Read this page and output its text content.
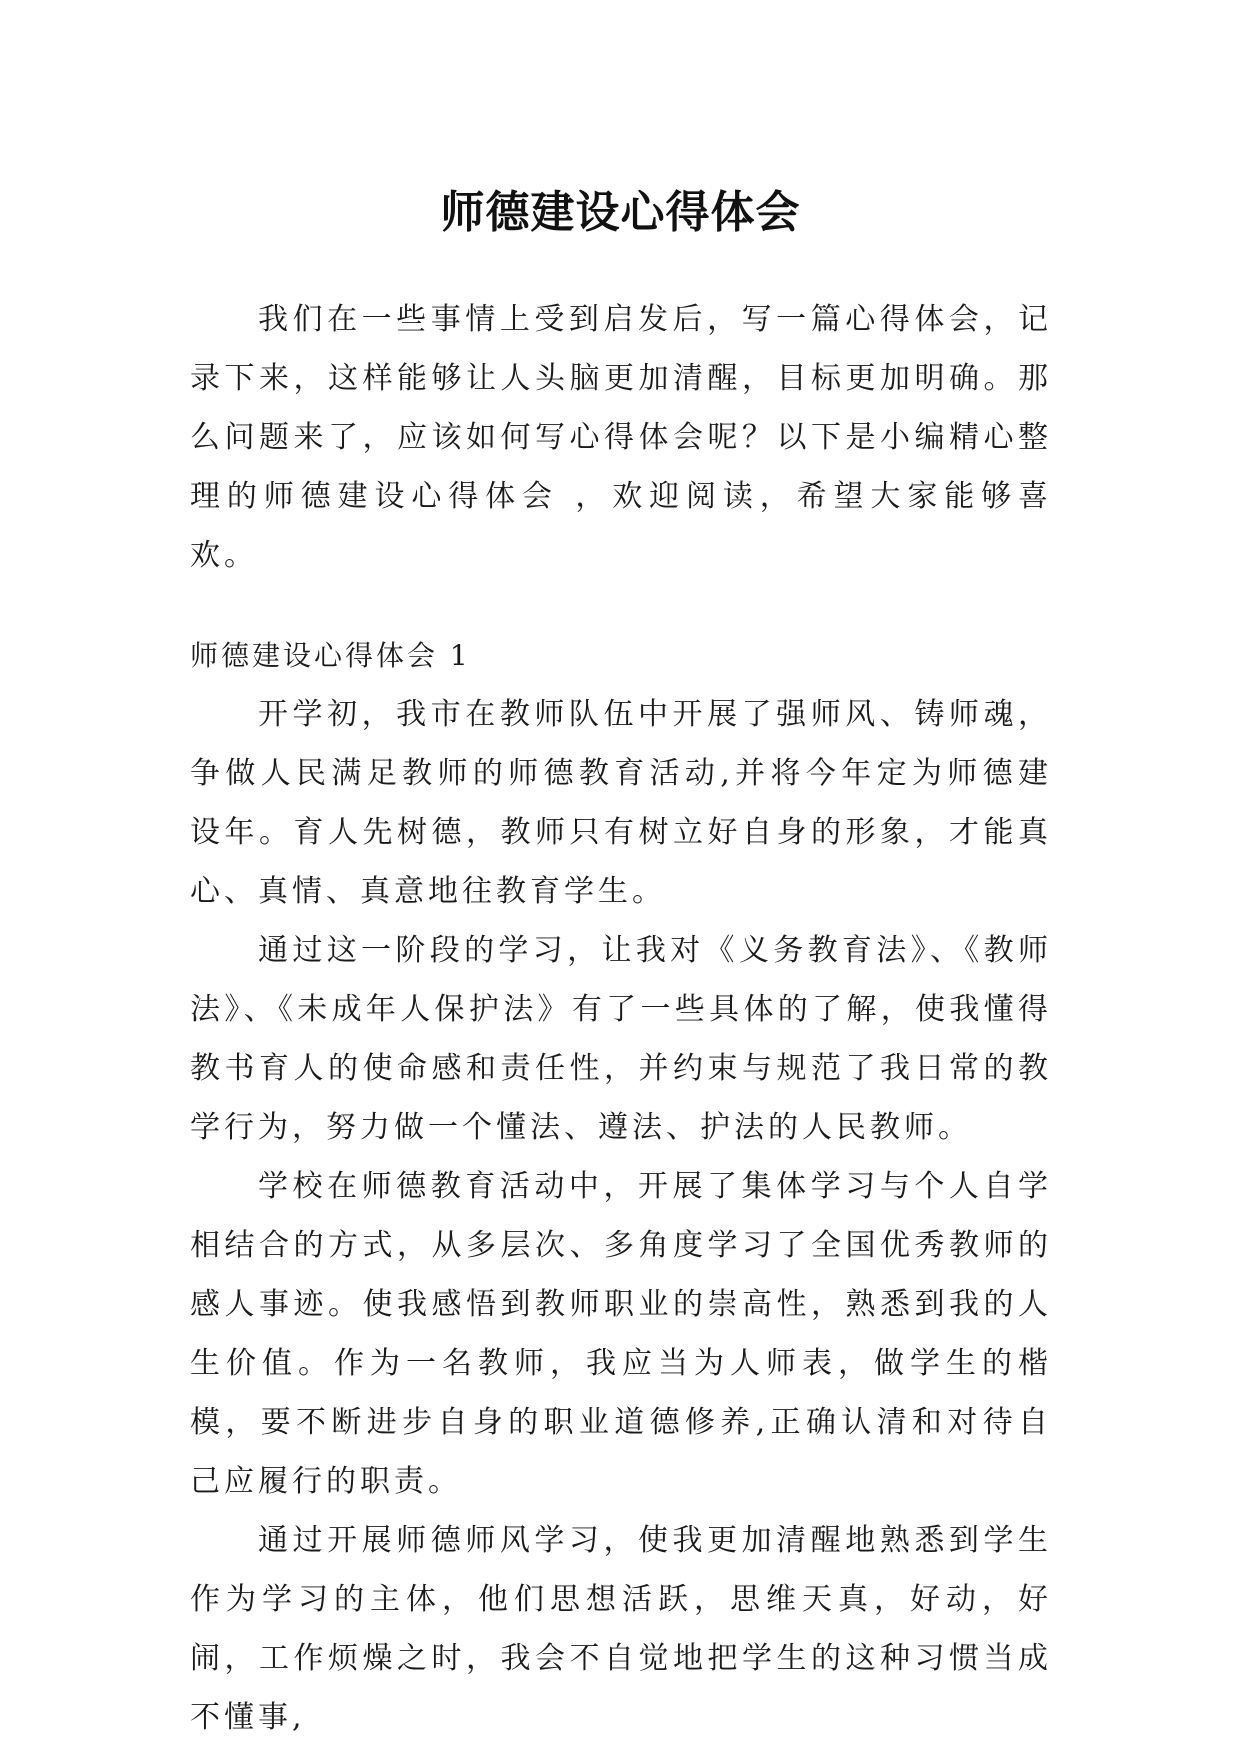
师德建设心得体会

我们在一些事情上受到启发后，写一篇心得体会，记录下来，这样能够让人头脑更加清醒，目标更加明确。那么问题来了，应该如何写心得体会呢？以下是小编精心整理的师德建设心得体会 ，欢迎阅读，希望大家能够喜欢。

师德建设心得体会 1

开学初，我市在教师队伍中开展了强师风、铸师魂，争做人民满足教师的师德教育活动,并将今年定为师德建设年。育人先树德，教师只有树立好自身的形象，才能真心、真情、真意地往教育学生。

通过这一阶段的学习，让我对《义务教育法》、《教师法》、《未成年人保护法》有了一些具体的了解，使我懂得教书育人的使命感和责任性，并约束与规范了我日常的教学行为，努力做一个懂法、遵法、护法的人民教师。

学校在师德教育活动中，开展了集体学习与个人自学相结合的方式，从多层次、多角度学习了全国优秀教师的感人事迹。使我感悟到教师职业的崇高性，熟悉到我的人生价值。作为一名教师，我应当为人师表，做学生的楷模，要不断进步自身的职业道德修养,正确认清和对待自己应履行的职责。

通过开展师德师风学习，使我更加清醒地熟悉到学生作为学习的主体，他们思想活跃，思维天真，好动，好闹，工作烦燥之时，我会不自觉地把学生的这种习惯当成不懂事,
